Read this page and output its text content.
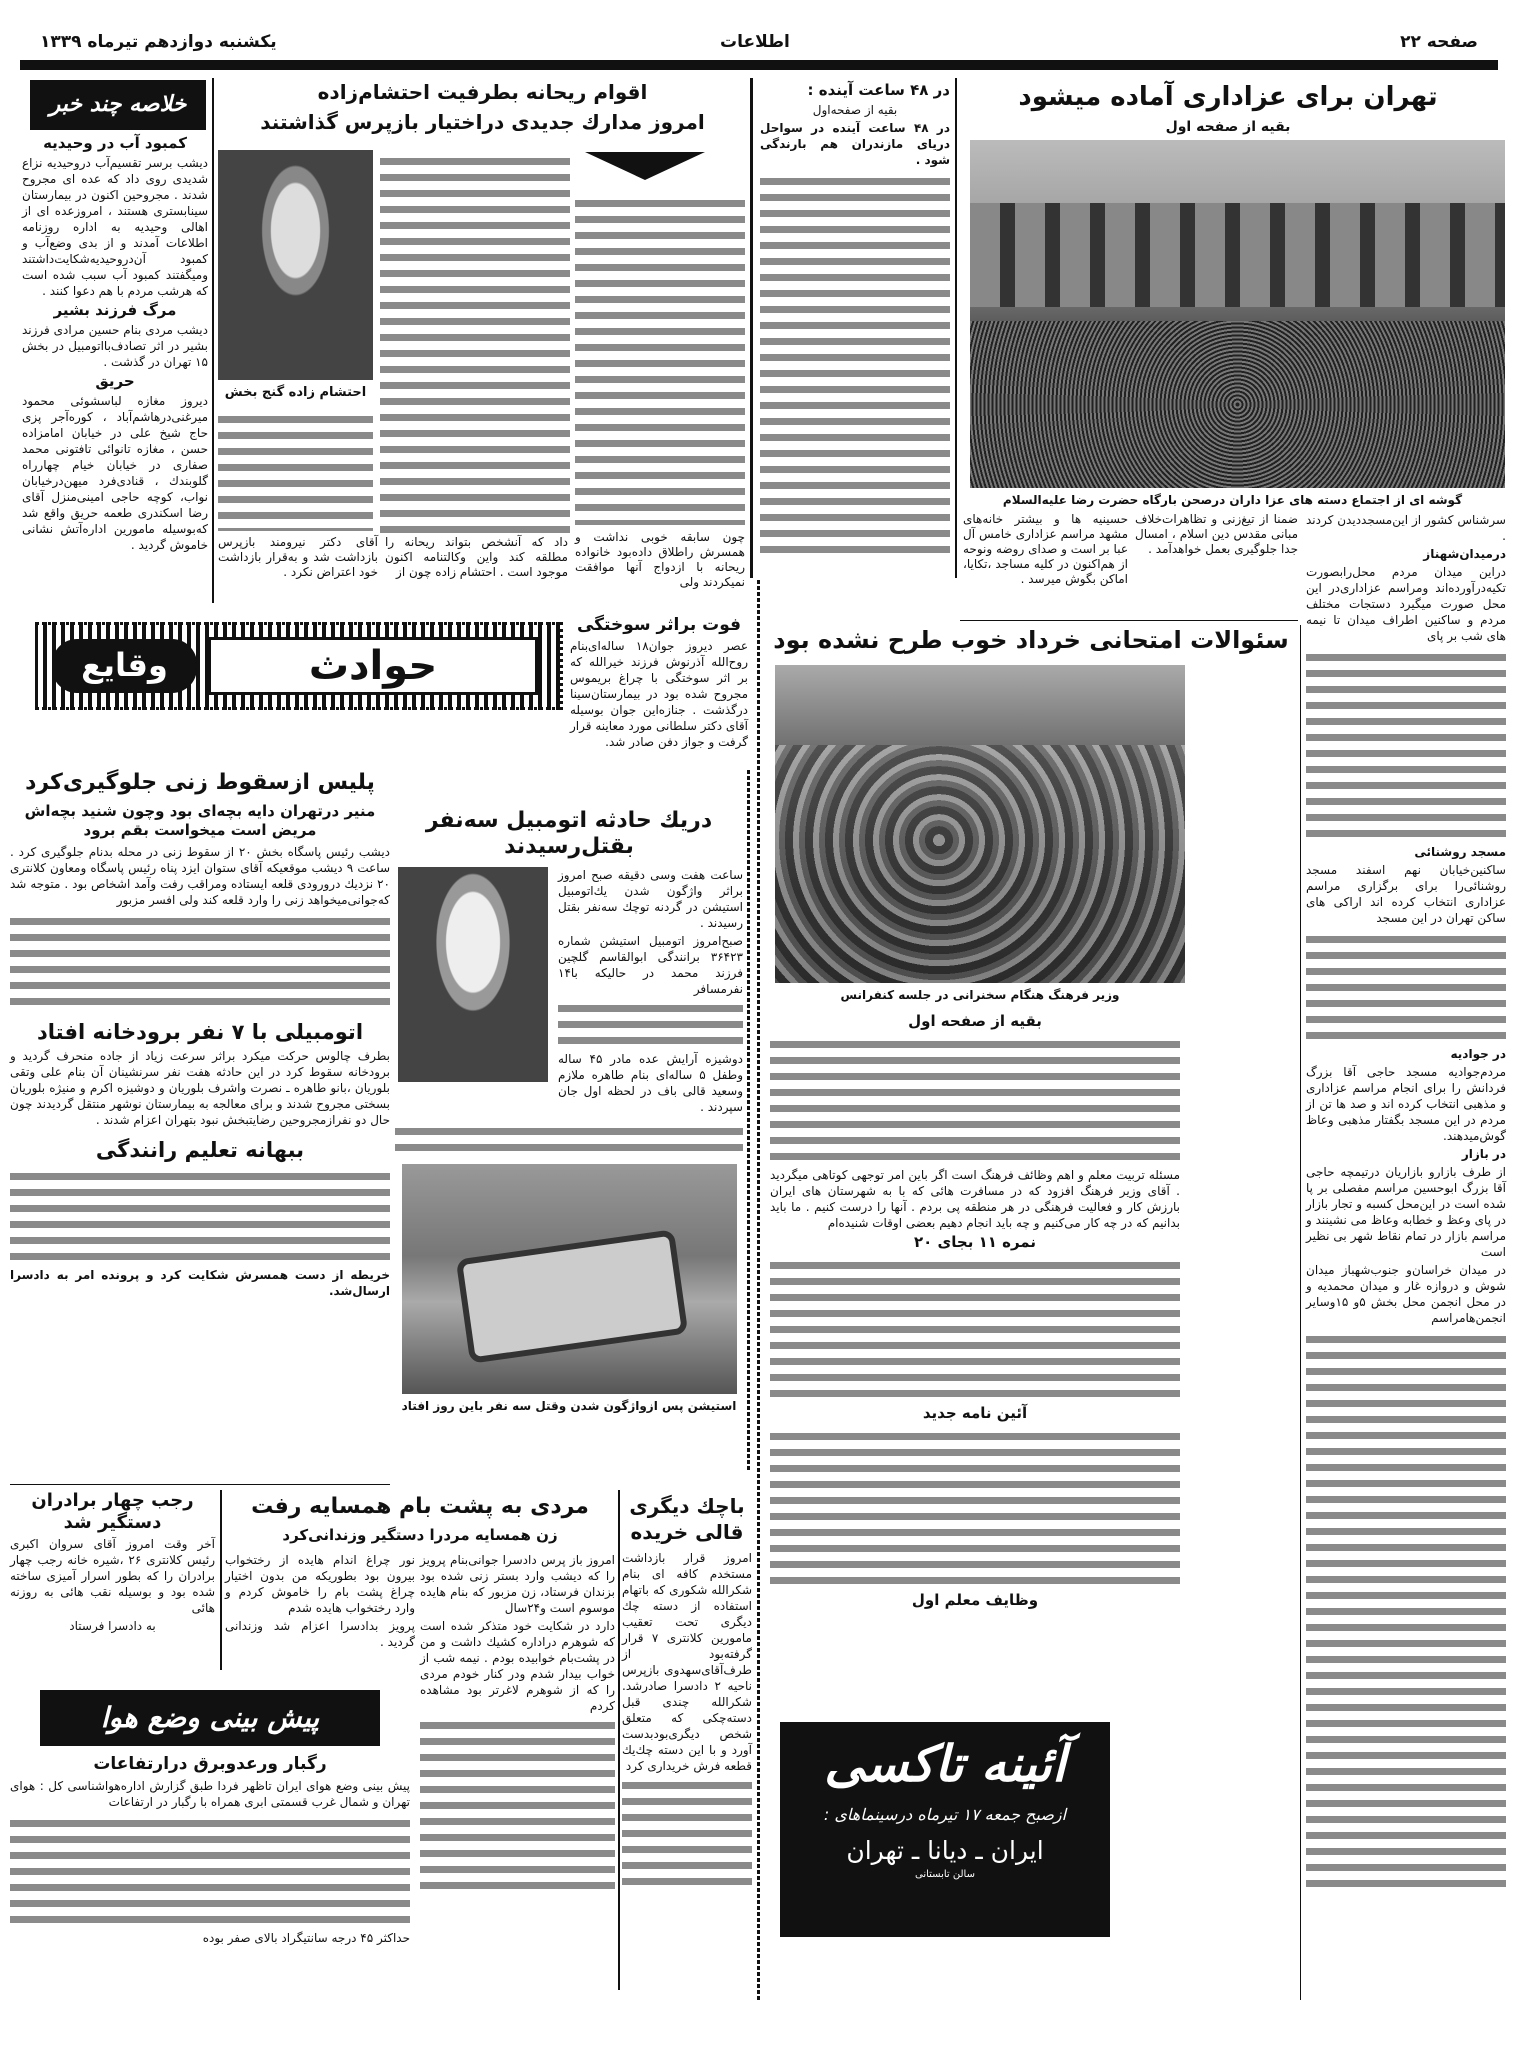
صفحه ۲۲
اطلاعات
یکشنبه دوازدهم تیرماه ۱۳۳۹
تهران برای عزاداری آماده میشود
بقیه از صفحه اول
گوشه ای از اجتماع دسته های عزا داران درصحن بارگاه حضرت رضا علیه‌السلام
ضمنا از تیغ‌زنی و تظاهرات‌خلاف مبانی مقدس دین اسلام ، امسال جدا جلوگیری بعمل خواهدآمد .
حسینیه ها و بیشتر خانه‌های مشهد مراسم عزاداری خامس آل عبا بر است و صدای روضه ونوحه از هم‌اکنون در کلیه مساجد ،تکایا، اماکن بگوش میرسد .

سرشناس کشور از این‌مسجددیدن کردند .

درمیدان‌شهناز

دراین میدان مردم محل‌رابصورت تکیه‌درآورده‌اند ومراسم عزاداری‌در این محل صورت میگیرد دستجات مختلف مردم و ساکنین اطراف میدان تا نیمه های شب بر پای

مسجد روشنائی

ساکنین‌خیابان نهم اسفند مسجد روشنائی‌را برای برگزاری مراسم عزاداری انتخاب کرده اند اراکی های ساکن تهران در این مسجد

در جوادیه

مردم‌جوادیه مسجد حاجی آقا بزرگ فردانش را برای انجام مراسم عزاداری و مذهبی انتخاب کرده اند و صد ها تن از مردم در این مسجد بگفتار مذهبی وعاظ گوش‌میدهند.

در بازار

از طرف بازارو بازاریان درتیمچه حاجی آقا بزرگ ابوحسین مراسم مفصلی بر پا شده است در این‌محل کسبه و تجار بازار در پای وعظ و خطابه وعاظ می نشینند و مراسم بازار در تمام نقاط شهر بی نظیر است

در میدان خراسان‌و جنوب‌شهباز میدان شوش و دروازه غار و میدان محمدیه و در محل انجمن محل بخش ۵و ۱۵وسایر انجمن‌هامراسم

در ۴۸ ساعت آینده :

بقیه از صفحه‌اول

در ۴۸ ساعت آینده در سواحل دریای مازندران هم بارندگی شود .

اقوام ریحانه بطرفیت احتشام‌زاده
امروز مدارك جدیدی دراختیار بازپرس گذاشتند
احتشام زاده گنج بخش
آقای دکتر نیرومند بازپرس بازداشت شد و به‌قرار بازداشت خود اعتراض نکرد .
داد که آنشخص بتواند ریحانه را مطلقه کند واین وکالتنامه اکنون موجود است . احتشام زاده چون از
چون سابقه خوبی نداشت و همسرش راطلاق داده‌بود خانواده ریحانه با ازدواج آنها موافقت نمیکردند ولی
خلاصه چند خبر

کمبود آب در وحیدیه

دیشب برسر تقسیم‌آب دروحیدیه نزاع شدیدی روی داد که عده ای مجروح شدند . مجروحین اکنون در بیمارستان سینابستری هستند ، امروزعده ای از اهالی وحیدیه به اداره روزنامه اطلاعات آمدند و از بدی وضع‌آب و کمبود آن‌دروحیدیه‌شکایت‌داشتند ومیگفتند کمبود آب سبب شده است که هرشب مردم با هم دعوا کنند .

مرگ فرزند بشیر

دیشب مردی بنام حسین مرادی فرزند بشیر در اثر تصادف‌بااتومبیل در بخش ۱۵ تهران در گذشت .

حریق

دیروز مغازه لباسشوئی محمود میرغنی‌درهاشم‌آباد ، کوره‌آجر پزی حاج شیخ علی در خیابان امامزاده حسن ، مغازه تانوائی تافتونی محمد صفاری در خیابان خیام چهارراه گلوبندك ، قنادی‌فرد میهن‌درخیابان نواب، کوچه حاجی امینی‌منزل آقای رضا اسکندری طعمه حریق واقع شد که‌بوسیله مامورین اداره‌آتش نشانی خاموش گردید .

حوادث
وقایع

فوت براثر سوختگی

عصر دیروز جوان۱۸ ساله‌ای‌بنام روح‌الله آذرنوش فرزند خیرالله که بر اثر سوختگی با چراغ بریموس مجروح شده بود در بیمارستان‌سینا درگذشت . جنازه‌این جوان بوسیله آقای دکتر سلطانی مورد معاینه قرار گرفت و جواز دفن صادر شد.

سئوالات امتحانی خرداد خوب طرح نشده بود
وزیر فرهنگ هنگام سخنرانی در جلسه کنفرانس

بقیه از صفحه اول

مسئله تربیت معلم و اهم وظائف فرهنگ است اگر باین امر توجهی کوتاهی میگردید . آقای وزیر فرهنگ افزود که در مسافرت هائی که با به شهرستان های ایران بارزش کار و فعالیت فرهنگی در هر منطقه پی بردم . آنها را درست کنیم . ما باید بدانیم که در چه کار می‌کنیم و چه باید انجام دهیم بعضی اوقات شنیده‌ام

نمره ۱۱ بجای ۲۰

آئین نامه جدید

وظایف معلم اول

آئینه تاکسی
ازصبح جمعه ۱۷ تیرماه درسینماهای :
ایران ـ دیانا ـ تهران
سالن تابستانی

پلیس ازسقوط زنی جلوگیری‌کرد

منیر درتهران دایه بچه‌ای بود وچون شنید بچه‌اش مریض است میخواست بقم برود

دیشب رئیس پاسگاه بخش ۲۰ از سقوط زنی در محله بدنام جلوگیری کرد . ساعت ۹ دیشب موقعیکه آقای ستوان ایزد پناه رئیس پاسگاه ومعاون کلانتری ۲۰ نزدیك درورودی قلعه ایستاده ومراقب رفت وآمد اشخاص بود . متوجه شد که‌جوانی‌میخواهد زنی را وارد قلعه کند ولی افسر مزبور

اتومبیلی با ۷ نفر برودخانه افتاد

بطرف چالوس حرکت میکرد براثر سرعت زیاد از جاده منحرف گردید و برودخانه سقوط کرد در این حادثه هفت نفر سرنشینان آن بنام علی وتقی بلوریان ،بانو طاهره ـ نصرت واشرف بلوریان و دوشیزه اکرم و منیژه بلوریان بسختی مجروح شدند و برای معالجه به بیمارستان نوشهر منتقل گردیدند چون حال دو نفرازمجروحین رضایتبخش نبود بتهران اعزام شدند .

ببهانه تعلیم رانندگی

خریطه از دست همسرش شکایت کرد و پرونده امر به دادسرا ارسال‌شد.

دریك حادثه اتومبیل سه‌نفر بقتل‌رسیدند

ساعت هفت وسی دقیقه صبح امروز براثر واژگون شدن یك‌اتومبیل استیشن در گردنه توچك سه‌نفر بقتل رسیدند .

صبح‌امروز اتومبیل استیشن شماره ۳۶۴۲۳ برانندگی ابوالقاسم گلچین فرزند محمد در حالیکه با۱۴ نفرمسافر

دوشیزه آرایش عده مادر ۴۵ ساله وطفل ۵ ساله‌ای بنام طاهره ملازم وسعید قالی باف در لحظه اول جان سپردند .

استیشن پس ازواژگون شدن وقتل سه نفر باین روز افتاد

رجب چهار برادران دستگیر شد

آخر وقت امروز آقای سروان اکبری رئیس کلانتری ۲۶ ،شیره خانه رجب چهار برادران را که بطور اسرار آمیزی ساخته شده بود و بوسیله نقب هائی به روزنه هائی

به دادسرا فرستاد

مردی به پشت بام همسایه رفت
زن همسایه مردرا دستگیر وزندانی‌کرد

امروز باز پرس دادسرا جوانی‌بنام پرویز را که دیشب وارد بستر زنی شده بود بزندان فرستاد، زن مزبور که بنام هایده موسوم است و۲۴سال

دارد در شکایت خود متذکر شده است که شوهرم دراداره کشیك داشت و من در پشت‌بام خوابیده بودم . نیمه شب از خواب بیدار شدم ودر کنار خودم مردی را که از شوهرم لاغرتر بود مشاهده کردم

نور چراغ اندام هایده از رختخواب بیرون بود بطوریکه من بدون اختیار چراغ پشت بام را خاموش کردم و وارد رختخواب هایده شدم

پرویز بدادسرا اعزام شد وزندانی گردید .

باچك دیگری

قالی خریده

امروز قرار بازداشت مستخدم کافه ای بنام شکرالله شکوری که باتهام استفاده از دسته چك دیگری تحت تعقیب مامورین کلانتری ۷ قرار گرفته‌بود از طرف‌آقای‌سهدوی بازپرس ناحیه ۲ دادسرا صادرشد. شکرالله چندی قبل دسته‌چکی که متعلق شخص دیگری‌بود‌بدست آورد و با این دسته چك‌یك قطعه فرش خریداری کرد

پیش بینی وضع هوا

رگبار ورعدوبرق درارتفاعات

پیش بینی وضع هوای ایران تاظهر فردا طبق گزارش اداره‌هواشناسی کل : هوای تهران و شمال غرب قسمتی ابری همراه با رگبار در ارتفاعات

حداکثر ۴۵ درجه سانتیگراد بالای صفر بوده
